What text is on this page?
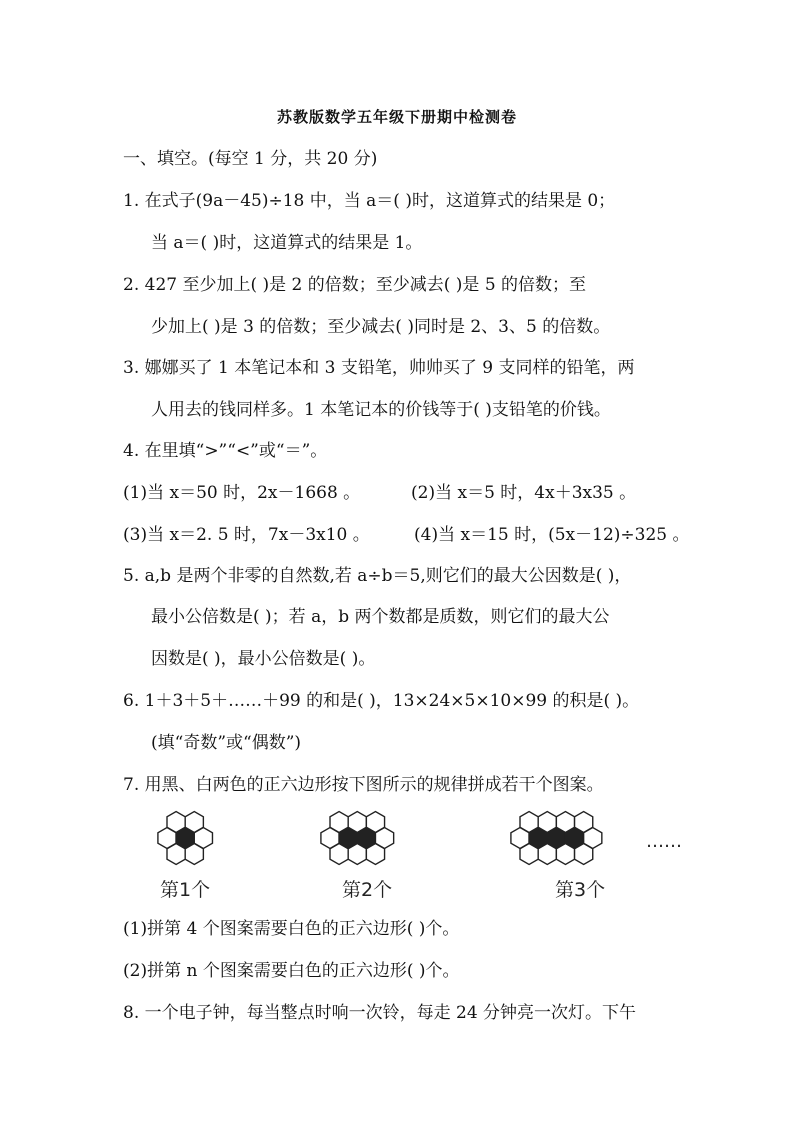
苏教版数学五年级下册期中检测卷
一、填空。(每空 1 分，共 20 分)
1. 在式子(9a－45)÷18 中，当 a＝( )时，这道算式的结果是 0；
当 a＝( )时，这道算式的结果是 1。
2. 427 至少加上( )是 2 的倍数；至少减去( )是 5 的倍数；至
少加上( )是 3 的倍数；至少减去( )同时是 2、3、5 的倍数。
3. 娜娜买了 1 本笔记本和 3 支铅笔，帅帅买了 9 支同样的铅笔，两
人用去的钱同样多。1 本笔记本的价钱等于( )支铅笔的价钱。
4. 在里填“>”“<”或“＝”。
(1)当 x＝50 时，2x－1668 。	(2)当 x＝5 时，4x＋3x35 。
(3)当 x＝2. 5 时，7x－3x10 。	(4)当 x＝15 时，(5x－12)÷325 。
5. a,b 是两个非零的自然数,若 a÷b＝5,则它们的最大公因数是( )，
最小公倍数是( )；若 a，b 两个数都是质数，则它们的最大公
因数是( )，最小公倍数是( )。
6. 1＋3＋5＋……＋99 的和是( )，13×24×5×10×99 的积是( )。
(填“奇数”或“偶数”)
7. 用黑、白两色的正六边形按下图所示的规律拼成若干个图案。
第1个	第2个	第3个
……
(1)拼第 4 个图案需要白色的正六边形( )个。
(2)拼第 n 个图案需要白色的正六边形( )个。
8. 一个电子钟，每当整点时响一次铃，每走 24 分钟亮一次灯。下午
